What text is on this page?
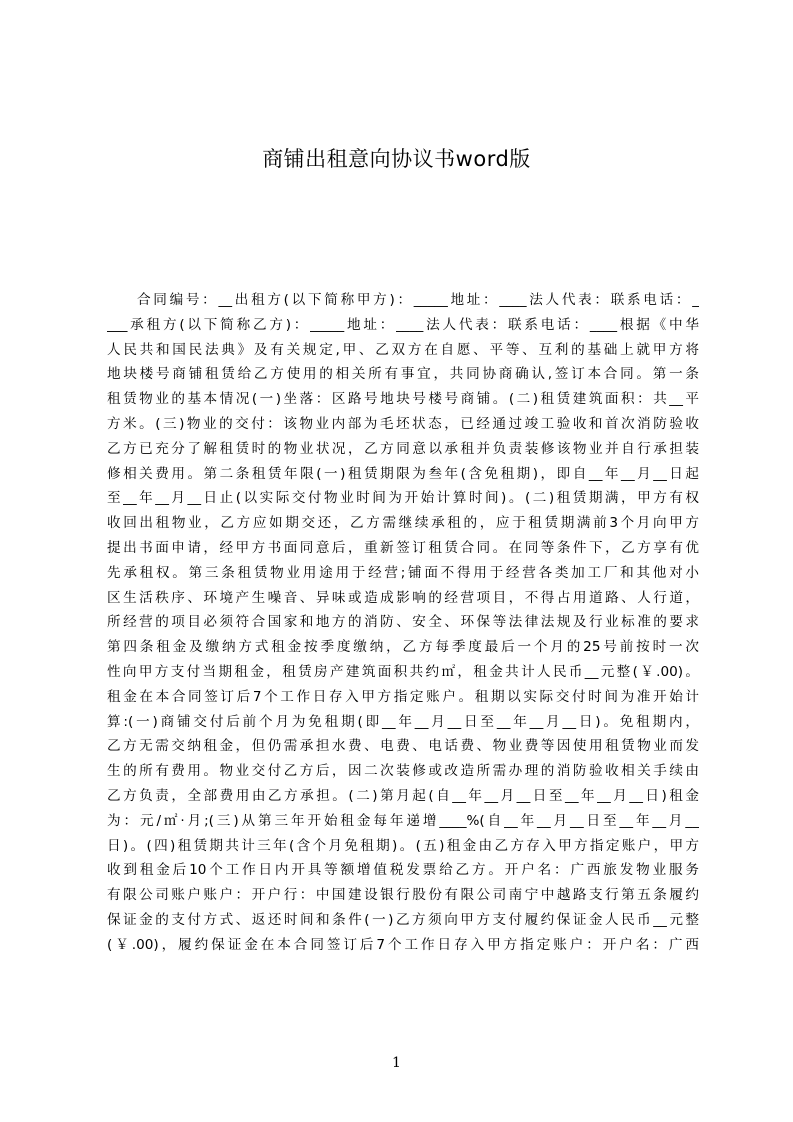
商铺出租意向协议书word版
合同编号：__出租方(以下简称甲方)：_____地址：____法人代表：联系电话：_
___承租方(以下简称乙方)：_____地址：____法人代表：联系电话：____根据《中华
人民共和国民法典》及有关规定,甲、乙双方在自愿、平等、互利的基础上就甲方将
地块楼号商铺租赁给乙方使用的相关所有事宜，共同协商确认,签订本合同。第一条
租赁物业的基本情况(一)坐落：区路号地块号楼号商铺。(二)租赁建筑面积：共__平
方米。(三)物业的交付：该物业内部为毛坯状态，已经通过竣工验收和首次消防验收
乙方已充分了解租赁时的物业状况，乙方同意以承租并负责装修该物业并自行承担装
修相关费用。第二条租赁年限(一)租赁期限为叁年(含免租期)，即自__年__月__日起
至__年__月__日止(以实际交付物业时间为开始计算时间)。(二)租赁期满，甲方有权
收回出租物业，乙方应如期交还，乙方需继续承租的，应于租赁期满前3个月向甲方
提出书面申请，经甲方书面同意后，重新签订租赁合同。在同等条件下，乙方享有优
先承租权。第三条租赁物业用途用于经营;铺面不得用于经营各类加工厂和其他对小
区生活秩序、环境产生噪音、异味或造成影响的经营项目，不得占用道路、人行道，
所经营的项目必须符合国家和地方的消防、安全、环保等法律法规及行业标准的要求
第四条租金及缴纳方式租金按季度缴纳，乙方每季度最后一个月的25号前按时一次
性向甲方支付当期租金，租赁房产建筑面积共约㎡，租金共计人民币__元整(￥.00)。
租金在本合同签订后7个工作日存入甲方指定账户。租期以实际交付时间为准开始计
算:(一)商铺交付后前个月为免租期(即__年__月__日至__年__月__日)。免租期内，
乙方无需交纳租金，但仍需承担水费、电费、电话费、物业费等因使用租赁物业而发
生的所有费用。物业交付乙方后，因二次装修或改造所需办理的消防验收相关手续由
乙方负责，全部费用由乙方承担。(二)第月起(自__年__月__日至__年__月__日)租金
为：元/㎡·月;(三)从第三年开始租金每年递增____%(自__年__月__日至__年__月__
日)。(四)租赁期共计三年(含个月免租期)。(五)租金由乙方存入甲方指定账户，甲方
收到租金后10个工作日内开具等额增值税发票给乙方。开户名：广西旅发物业服务
有限公司账户账户：开户行：中国建设银行股份有限公司南宁中越路支行第五条履约
保证金的支付方式、返还时间和条件(一)乙方须向甲方支付履约保证金人民币__元整
(￥.00)，履约保证金在本合同签订后7个工作日存入甲方指定账户：开户名：广西
1
